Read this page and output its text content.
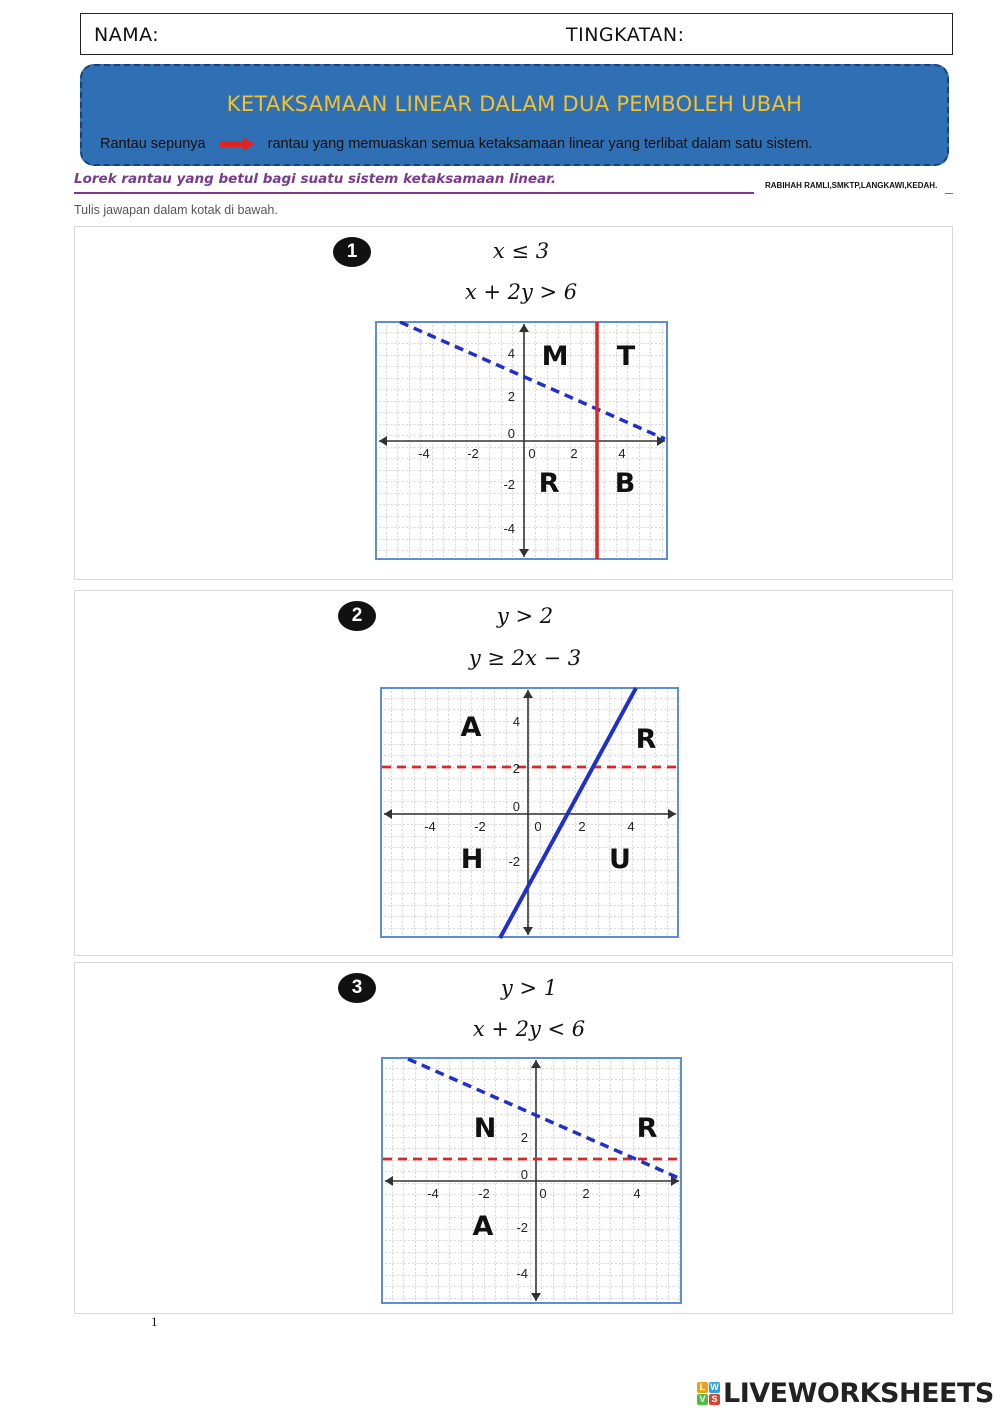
NAMA:	TINGKATAN:
KETAKSAMAAN LINEAR DALAM DUA PEMBOLEH UBAH
Rantau sepunya	rantau yang memuaskan semua ketaksamaan linear yang terlibat dalam satu sistem.
Lorek rantau yang betul bagi suatu sistem ketaksamaan linear.	RABIHAH RAMLI,SMKTP,LANGKAWI,KEDAH.
Tulis jawapan dalam kotak di bawah.
1	x ≤ 3
x + 2y > 6
-4	-2	0	2	4
4
2
-2
-4
0
M T
R B
2	y > 2
y ≥ 2x − 3
-4	-2	0	2	4
4
2
-2
0
A	R
H	U
3	y > 1
x + 2y < 6
-4	-2	0	2	4
2
-2
-4
0
N	R
A
1
L W
V S LIVEWORKSHEETS
